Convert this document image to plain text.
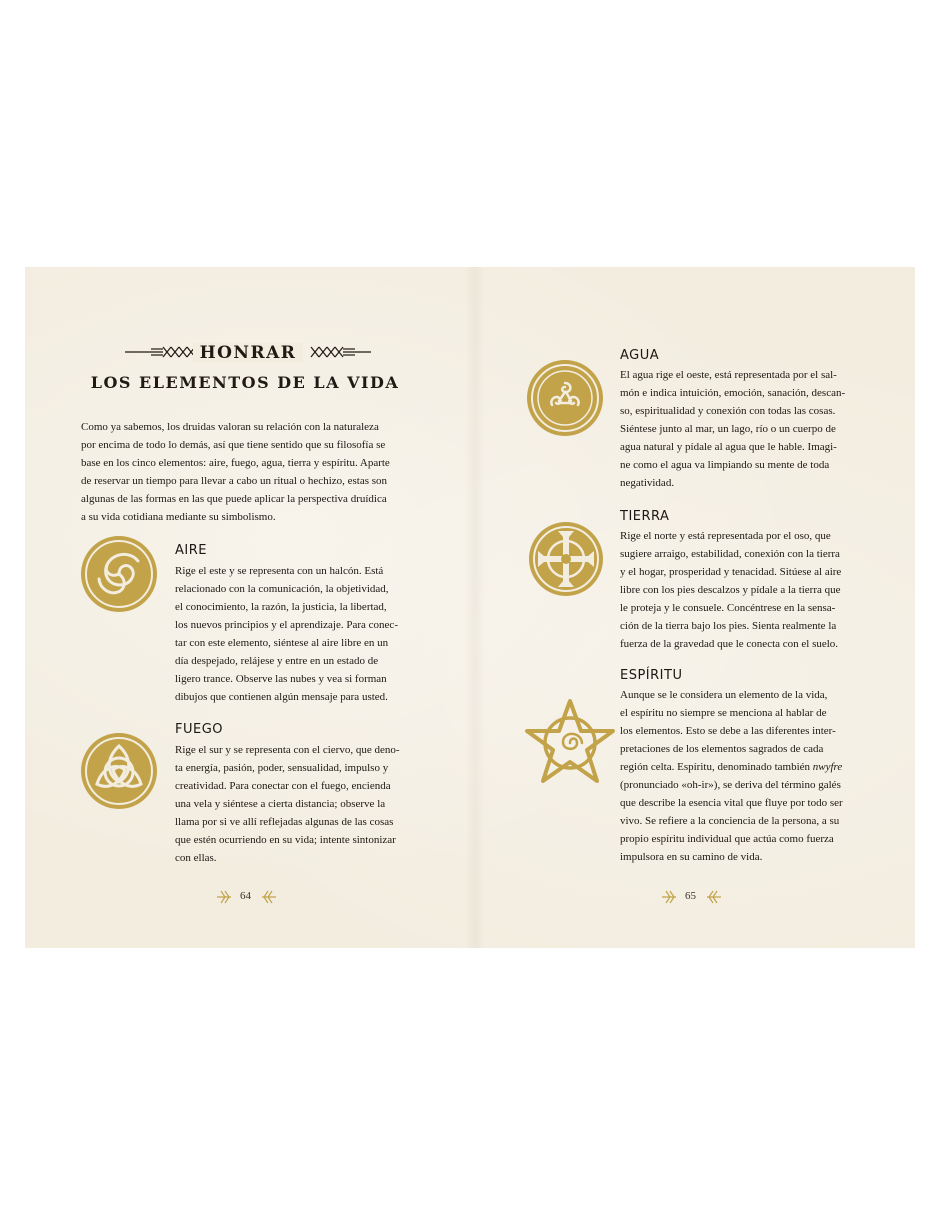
HONRAR
LOS ELEMENTOS DE LA VIDA

Como ya sabemos, los druidas valoran su relación con la naturaleza

por encima de todo lo demás, así que tiene sentido que su filosofía se

base en los cinco elementos: aire, fuego, agua, tierra y espíritu. Aparte

de reservar un tiempo para llevar a cabo un ritual o hechizo, estas son

algunas de las formas en las que puede aplicar la perspectiva druídica

a su vida cotidiana mediante su simbolismo.

AIRE

Rige el este y se representa con un halcón. Está

relacionado con la comunicación, la objetividad,

el conocimiento, la razón, la justicia, la libertad,

los nuevos principios y el aprendizaje. Para conec-

tar con este elemento, siéntese al aire libre en un

día despejado, relájese y entre en un estado de

ligero trance. Observe las nubes y vea si forman

dibujos que contienen algún mensaje para usted.

FUEGO

Rige el sur y se representa con el ciervo, que deno-

ta energía, pasión, poder, sensualidad, impulso y

creatividad. Para conectar con el fuego, encienda

una vela y siéntese a cierta distancia; observe la

llama por si ve allí reflejadas algunas de las cosas

que estén ocurriendo en su vida; intente sintonizar

con ellas.

64
AGUA

El agua rige el oeste, está representada por el sal-

món e indica intuición, emoción, sanación, descan-

so, espiritualidad y conexión con todas las cosas.

Siéntese junto al mar, un lago, río o un cuerpo de

agua natural y pídale al agua que le hable. Imagi-

ne como el agua va limpiando su mente de toda

negatividad.

TIERRA

Rige el norte y está representada por el oso, que

sugiere arraigo, estabilidad, conexión con la tierra

y el hogar, prosperidad y tenacidad. Sitúese al aire

libre con los pies descalzos y pídale a la tierra que

le proteja y le consuele. Concéntrese en la sensa-

ción de la tierra bajo los pies. Sienta realmente la

fuerza de la gravedad que le conecta con el suelo.

ESPÍRITU

Aunque se le considera un elemento de la vida,

el espíritu no siempre se menciona al hablar de

los elementos. Esto se debe a las diferentes inter-

pretaciones de los elementos sagrados de cada

región celta. Espíritu, denominado también nwyfre

(pronunciado «oh-ir»), se deriva del término galés

que describe la esencia vital que fluye por todo ser

vivo. Se refiere a la conciencia de la persona, a su

propio espíritu individual que actúa como fuerza

impulsora en su camino de vida.

65
